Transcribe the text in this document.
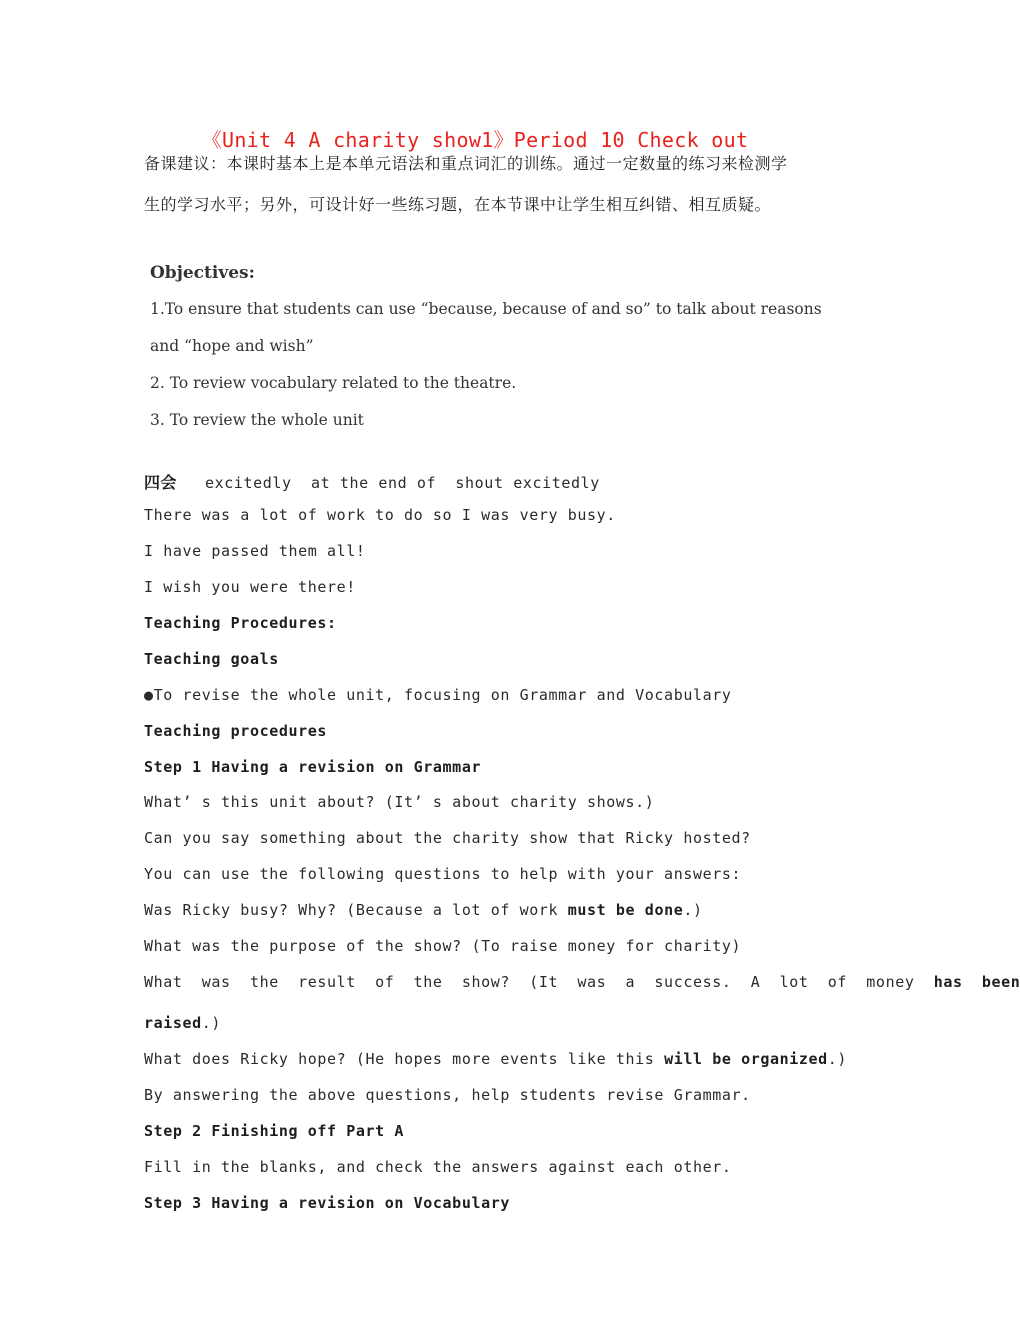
《Unit 4 A charity show1》Period 10 Check out
备课建议：本课时基本上是本单元语法和重点词汇的训练。通过一定数量的练习来检测学
生的学习水平；另外，可设计好一些练习题，在本节课中让学生相互纠错、相互质疑。
Objectives:
1.To ensure that students can use “because, because of and so” to talk about reasons
and “hope and wish”
2. To review vocabulary related to the theatre.
3. To review the whole unit
四会 excitedly  at the end of  shout excitedly
There was a lot of work to do so I was very busy.
I have passed them all!
I wish you were there!
Teaching Procedures:
Teaching goals
●To revise the whole unit, focusing on Grammar and Vocabulary
Teaching procedures
Step 1 Having a revision on Grammar
What’ s this unit about? (It’ s about charity shows.)
Can you say something about the charity show that Ricky hosted?
You can use the following questions to help with your answers:
Was Ricky busy? Why? (Because a lot of work must be done.)
What was the purpose of the show? (To raise money for charity)
What  was  the  result  of  the  show?  (It  was  a  success.  A  lot  of  money  has  been
raised.)
What does Ricky hope? (He hopes more events like this will be organized.)
By answering the above questions, help students revise Grammar.
Step 2 Finishing off Part A
Fill in the blanks, and check the answers against each other.
Step 3 Having a revision on Vocabulary
